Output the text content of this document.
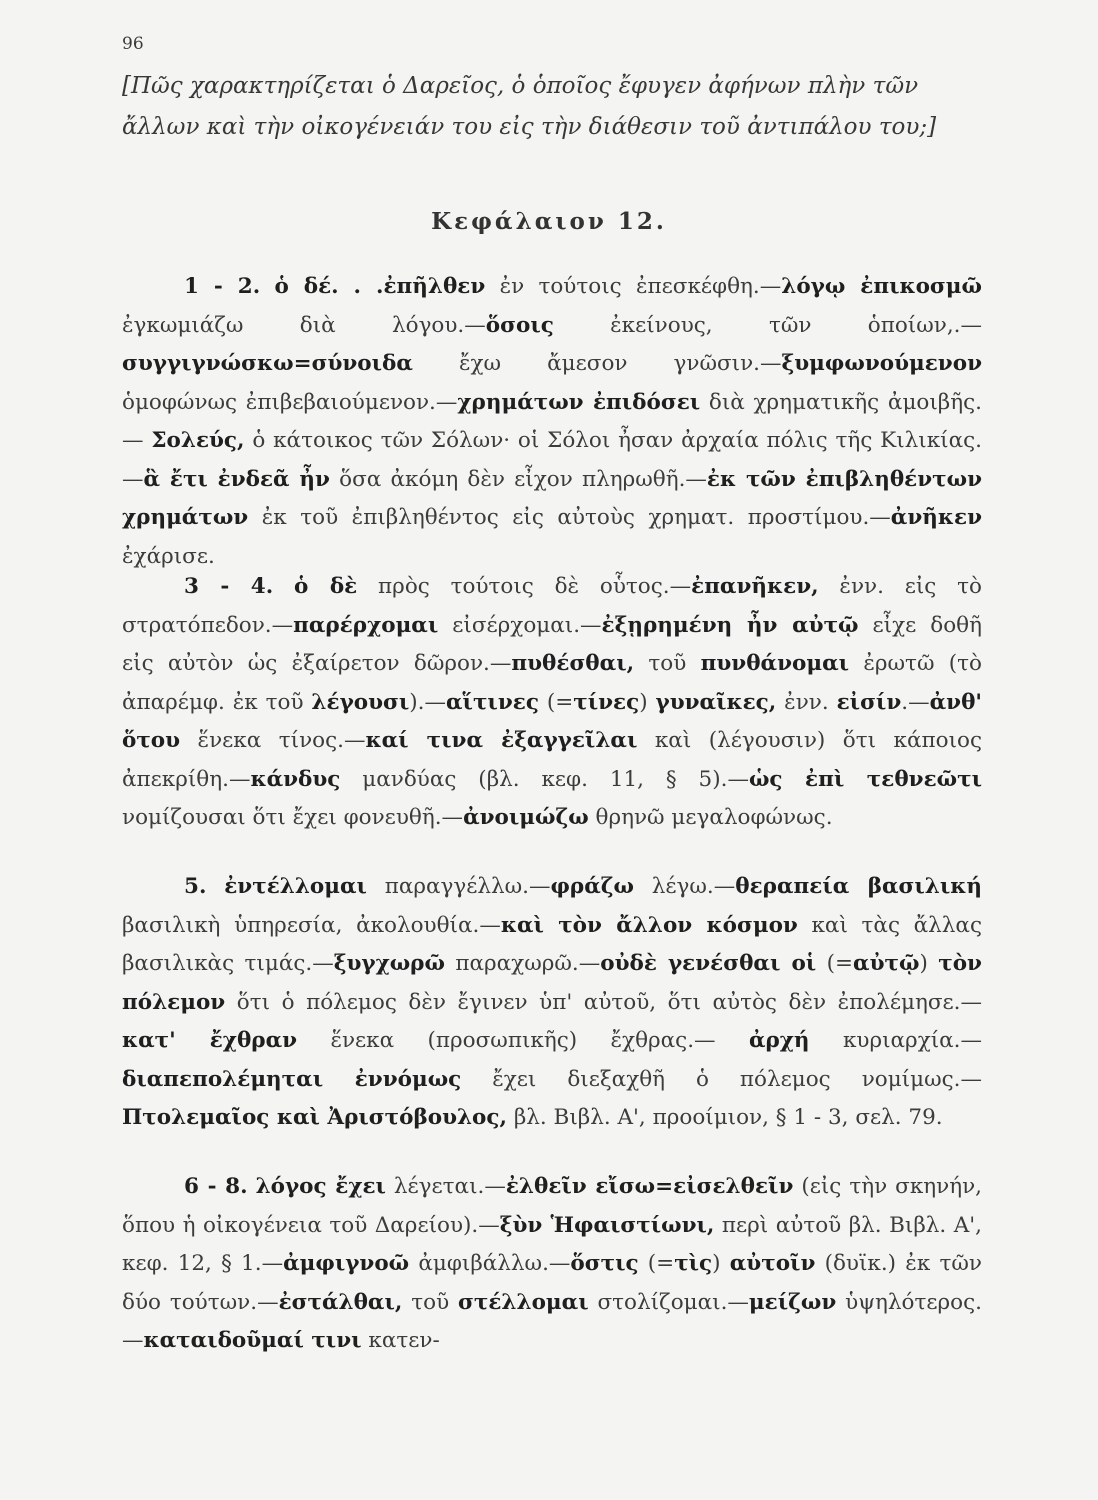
96
[Πῶς χαρακτηρίζεται ὁ Δαρεῖος, ὁ ὁποῖος ἔφυγεν ἀφήνων πλὴν τῶν ἄλλων καὶ τὴν οἰκογένειάν του εἰς τὴν διάθεσιν τοῦ ἀντιπάλου του;]
Κεφάλαιον 12.
1 - 2. ὁ δέ. . .ἐπῆλθεν ἐν τούτοις ἐπεσκέφθη.—λόγῳ ἐπικοσμῶ ἐγκωμιάζω διὰ λόγου.—ὅσοις ἐκείνους, τῶν ὁποίων,.—συγγιγνώσκω=σύνοιδα ἔχω ἄμεσον γνῶσιν.—ξυμφωνούμενον ὁμοφώνως ἐπιβεβαιούμενον.—χρημάτων ἐπιδόσει διὰ χρηματικῆς ἀμοιβῆς.— Σολεύς, ὁ κάτοικος τῶν Σόλων· οἱ Σόλοι ἦσαν ἀρχαία πόλις τῆς Κιλικίας.—ἃ ἔτι ἐνδεᾶ ἦν ὅσα ἀκόμη δὲν εἶχον πληρωθῆ.—ἐκ τῶν ἐπιβληθέντων χρημάτων ἐκ τοῦ ἐπιβληθέντος εἰς αὐτοὺς χρηματ. προστίμου.—ἀνῆκεν ἐχάρισε.
3 - 4. ὁ δὲ πρὸς τούτοις δὲ οὗτος.—ἐπανῆκεν, ἐνν. εἰς τὸ στρατόπεδον.—παρέρχομαι εἰσέρχομαι.—ἐξῃρημένη ἦν αὐτῷ εἶχε δοθῆ εἰς αὐτὸν ὡς ἐξαίρετον δῶρον.—πυθέσθαι, τοῦ πυνθάνομαι ἐρωτῶ (τὸ ἀπαρέμφ. ἐκ τοῦ λέγουσι).—αἵτινες (=τίνες) γυναῖκες, ἐνν. εἰσίν.—ἀνθ' ὅτου ἕνεκα τίνος.—καί τινα ἐξαγγεῖλαι καὶ (λέγουσιν) ὅτι κάποιος ἀπεκρίθη.—κάνδυς μανδύας (βλ. κεφ. 11, § 5).—ὡς ἐπὶ τεθνεῶτι νομίζουσαι ὅτι ἔχει φονευθῆ.—ἀνοιμώζω θρηνῶ μεγαλοφώνως.
5. ἐντέλλομαι παραγγέλλω.—φράζω λέγω.—θεραπεία βασιλική βασιλικὴ ὑπηρεσία, ἀκολουθία.—καὶ τὸν ἄλλον κόσμον καὶ τὰς ἄλλας βασιλικὰς τιμάς.—ξυγχωρῶ παραχωρῶ.—οὐδὲ γενέσθαι οἱ (=αὐτῷ) τὸν πόλεμον ὅτι ὁ πόλεμος δὲν ἔγινεν ὑπ' αὐτοῦ, ὅτι αὐτὸς δὲν ἐπολέμησε.—κατ' ἔχθραν ἕνεκα (προσωπικῆς) ἔχθρας.— ἀρχή κυριαρχία.— διαπεπολέμηται ἐννόμως ἔχει διεξαχθῆ ὁ πόλεμος νομίμως.—Πτολεμαῖος καὶ Ἀριστόβουλος, βλ. Βιβλ. Α', προοίμιον, § 1 - 3, σελ. 79.
6 - 8. λόγος ἔχει λέγεται.—ἐλθεῖν εἴσω=εἰσελθεῖν (εἰς τὴν σκηνήν, ὅπου ἡ οἰκογένεια τοῦ Δαρείου).—ξὺν Ἡφαιστίωνι, περὶ αὐτοῦ βλ. Βιβλ. Α', κεφ. 12, § 1.—ἀμφιγνοῶ ἀμφιβάλλω.—ὅστις (=τὶς) αὐτοῖν (δυϊκ.) ἐκ τῶν δύο τούτων.—ἐστάλθαι, τοῦ στέλλομαι στολίζομαι.—μείζων ὑψηλότερος.—καταιδοῦμαί τινι κατεν-
